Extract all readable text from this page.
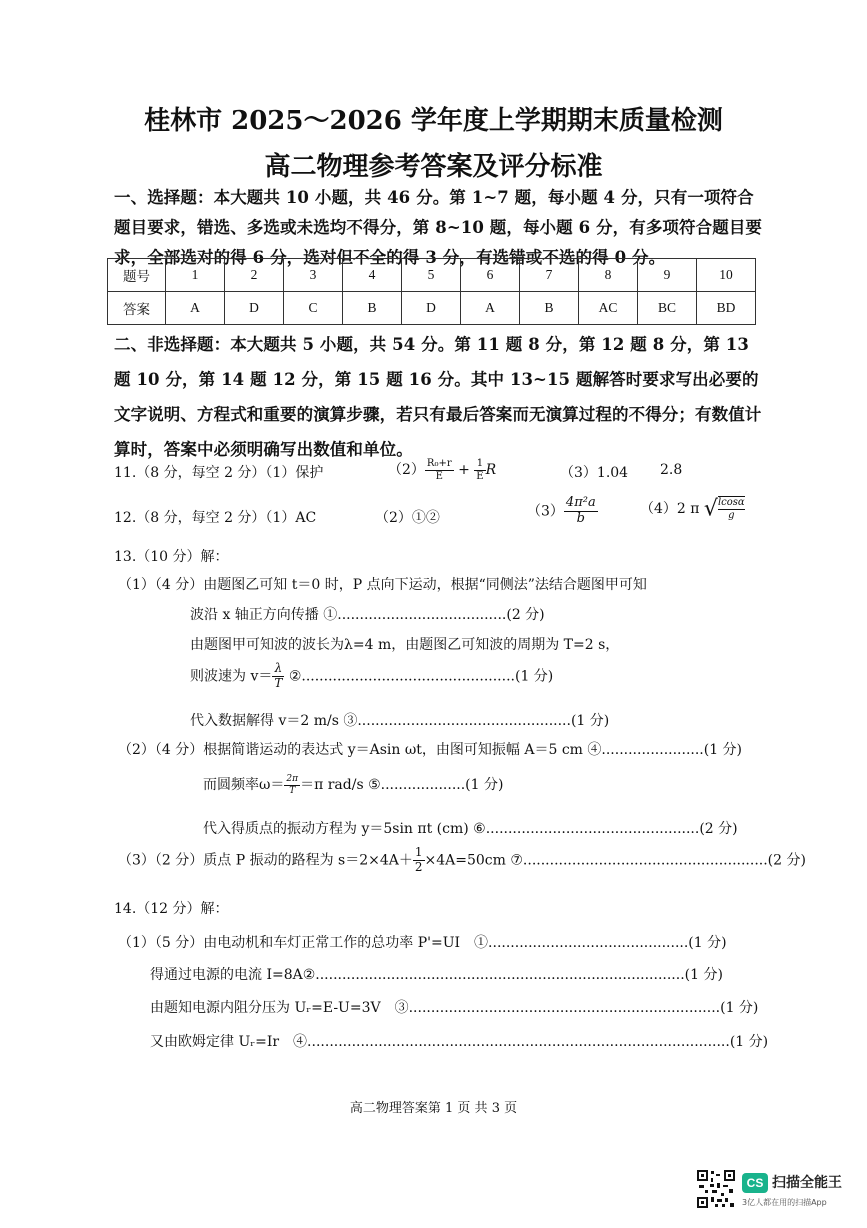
桂林市 2025～2026 学年度上学期期末质量检测
高二物理参考答案及评分标准
一、选择题：本大题共 10 小题，共 46 分。第 1~7 题，每小题 4 分，只有一项符合题目要求，错选、多选或未选均不得分，第 8~10 题，每小题 6 分，有多项符合题目要求，全部选对的得 6 分，选对但不全的得 3 分，有选错或不选的得 0 分。
题号	1	2	3	4	5	6	7	8	9	10
答案	A	D	C	B	D	A	B	AC	BC	BD
二、非选择题：本大题共 5 小题，共 54 分。第 11 题 8 分，第 12 题 8 分，第 13 题 10 分，第 14 题 12 分，第 15 题 16 分。其中 13~15 题解答时要求写出必要的文字说明、方程式和重要的演算步骤，若只有最后答案而无演算过程的不得分；有数值计算时，答案中必须明确写出数值和单位。
11.（8 分，每空 2 分）（1）保护	$(2) \frac{\text{R₀+r}}{E} + \frac{1}{E}$ R	（3）1.04 2.8
12.（8 分，每空 2 分）（1）AC	（2）①②	$(3) \frac{\text{4π²a}}{b}$	（4）2 π √ $\frac{lcos\alpha}{g}$
13.（10 分）解：
（1）（4 分）由题图乙可知 t＝0 时，P 点向下运动，根据“同侧法”法结合题图甲可知
波沿 x 轴正方向传播 ①......................................(2 分)
由题图甲可知波的波长为λ=4 m，由题图乙可知波的周期为 T=2 s，
则波速为 $v= \frac{\lambda}{T}$ ②................................................(1 分)
代入数据解得 v＝2 m/s ③................................................(1 分)
（2）（4 分）根据简谐运动的表达式 y＝Asin ωt，由图可知振幅 A＝5 cm ④.......................(1 分)
而圆频率$\omega= \frac{2\pi}{T} =\pi$ rad/s ⑤...................(1 分)
代入得质点的振动方程为 y＝5sin πt (cm) ⑥................................................(2 分)
（3）（2 分）质点 P 振动的路程为 $s=2\times 4A+ \frac{1}{2} \times 4A=50cm$ ⑦.......................................................(2 分)
14.（12 分）解：
（1）（5 分）由电动机和车灯正常工作的总功率 P'=UI　①.............................................(1 分)
得通过电源的电流 I=8A②...................................................................................(1 分)
由题知电源内阻分压为 Uᵣ=E-U=3V　③......................................................................(1 分)
又由欧姆定律 Uᵣ=Ir　④...............................................................................................(1 分)
高二物理答案第 1 页 共 3 页
CS 扫描全能王
3亿人都在用的扫描App
